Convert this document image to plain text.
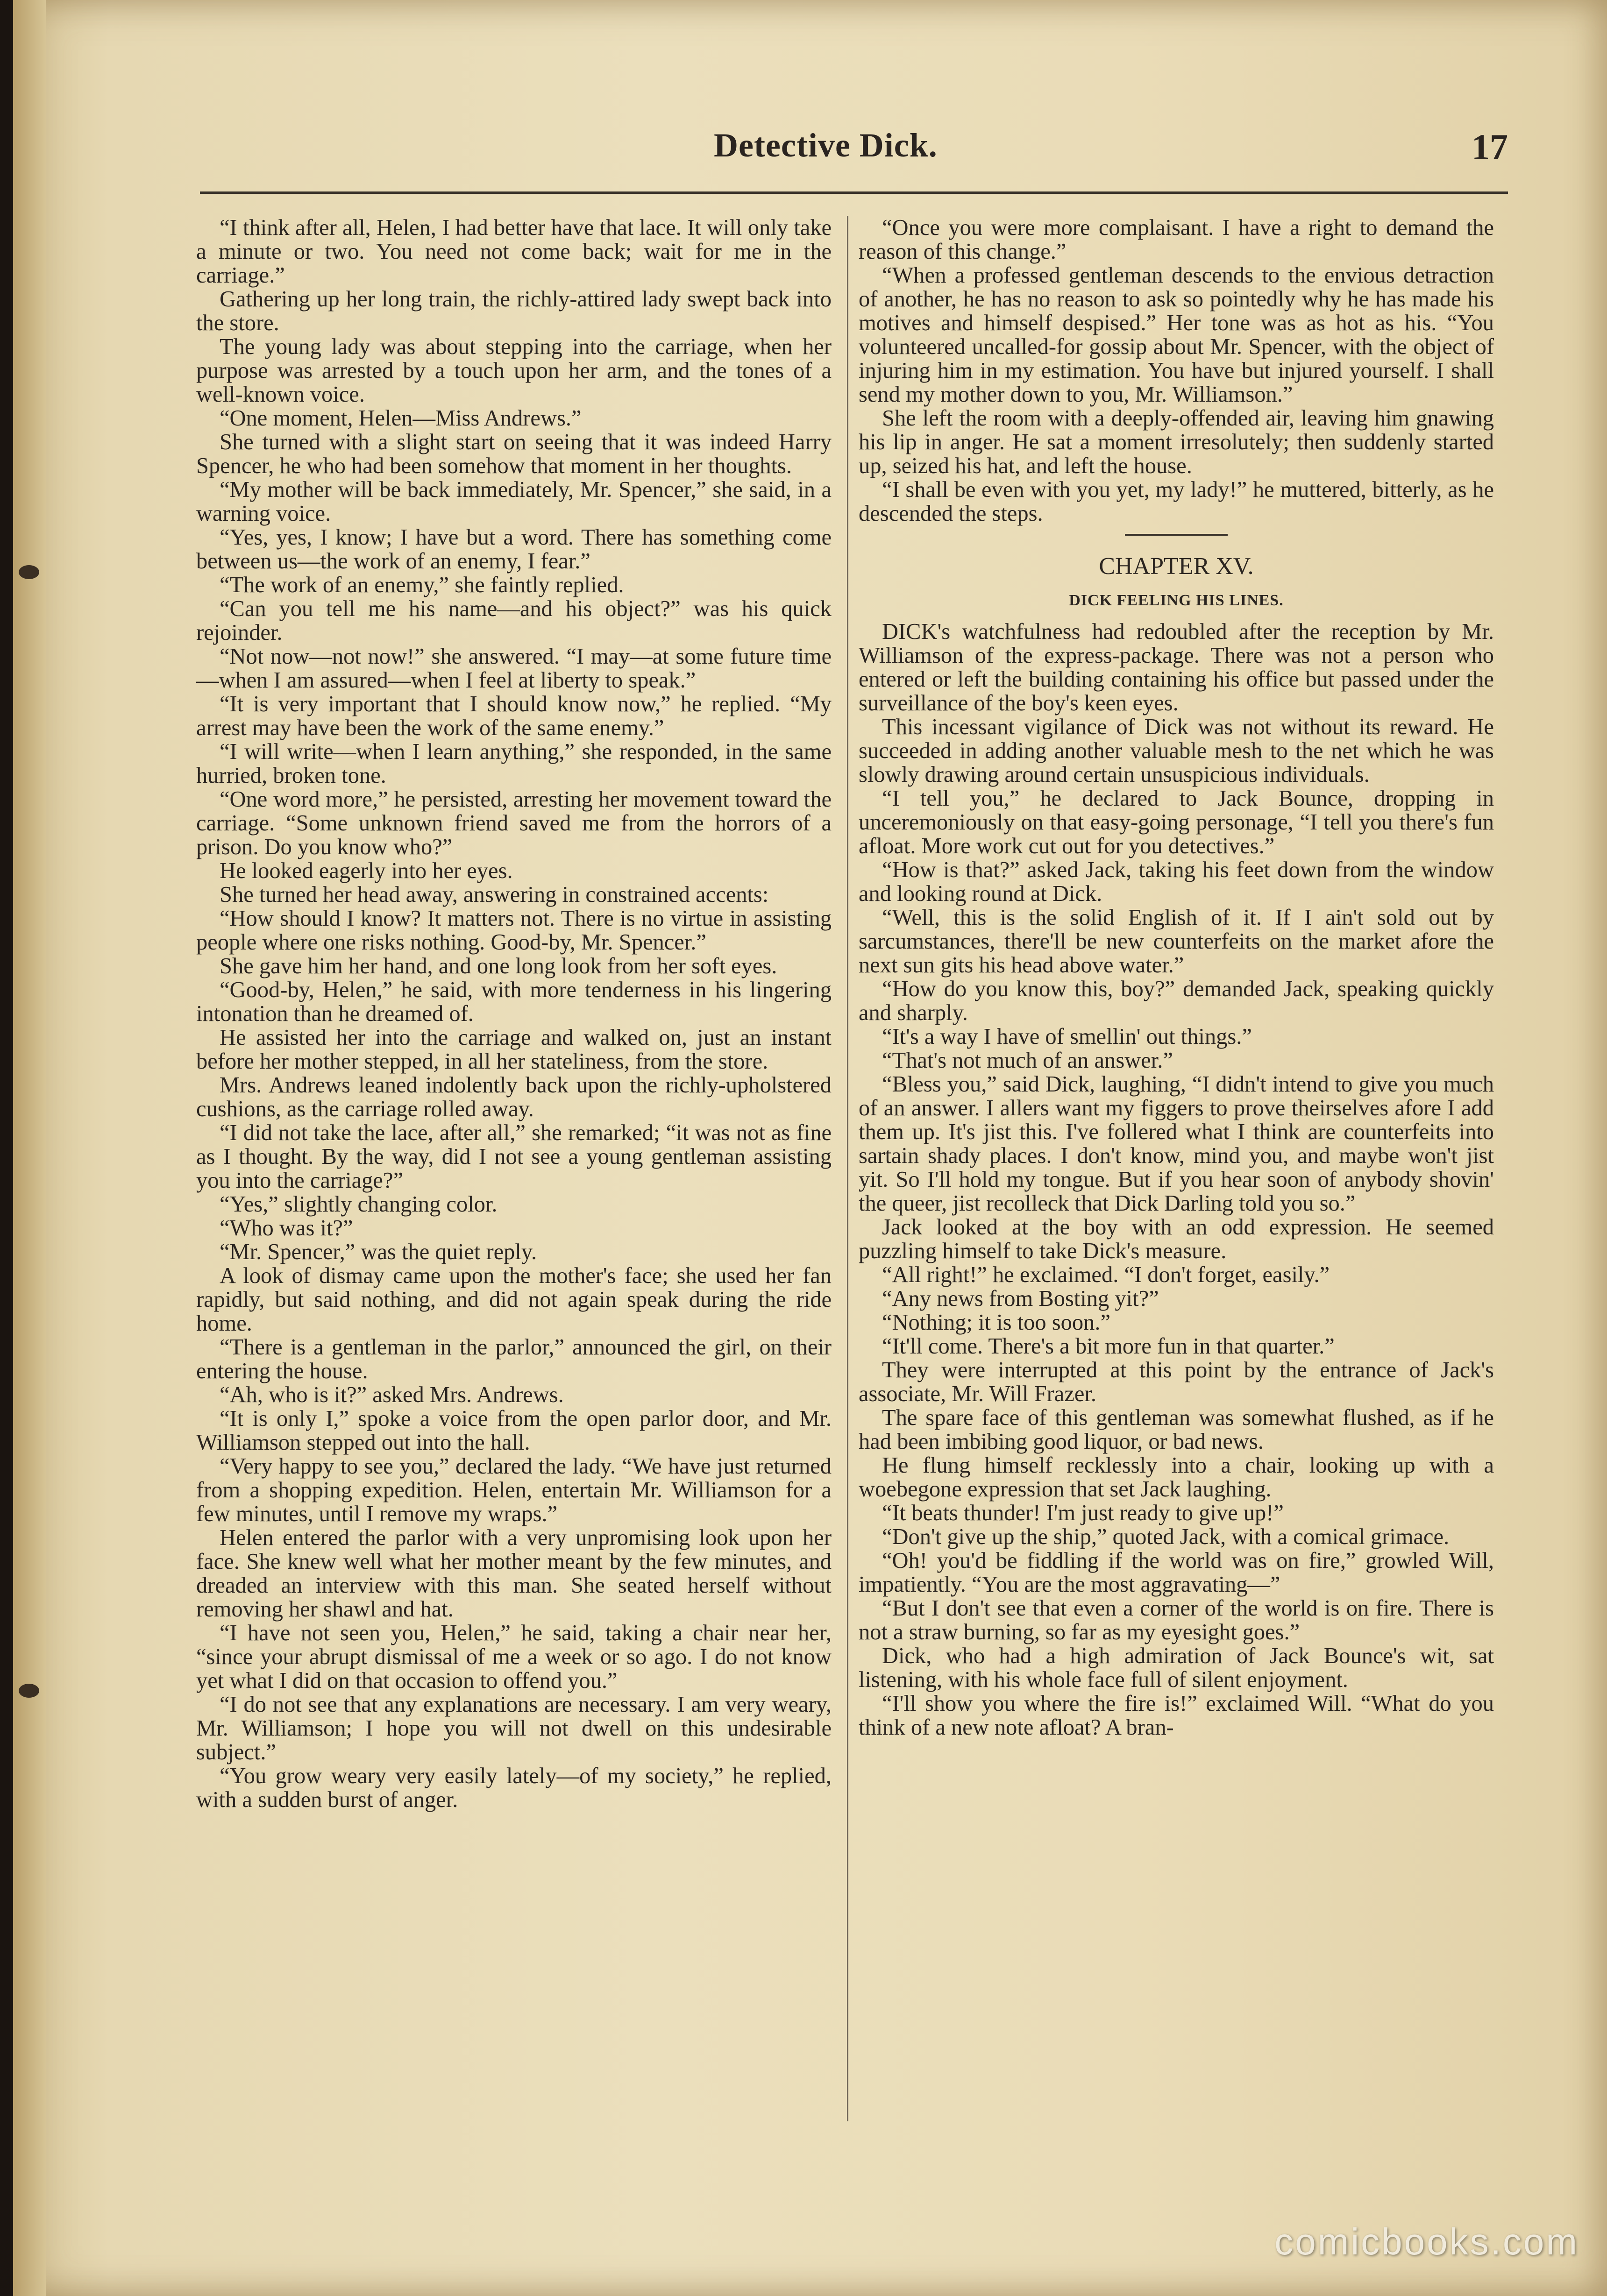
Detective Dick.	17

“I think after all, Helen, I had better have that lace. It will only take a minute or two. You need not come back; wait for me in the carriage.”

Gathering up her long train, the richly-attired lady swept back into the store.

The young lady was about stepping into the carriage, when her purpose was arrested by a touch upon her arm, and the tones of a well-known voice.

“One moment, Helen—Miss Andrews.”

She turned with a slight start on seeing that it was indeed Harry Spencer, he who had been somehow that moment in her thoughts.

“My mother will be back immediately, Mr. Spencer,” she said, in a warning voice.

“Yes, yes, I know; I have but a word. There has something come between us—the work of an enemy, I fear.”

“The work of an enemy,” she faintly replied.

“Can you tell me his name—and his object?” was his quick rejoinder.

“Not now—not now!” she answered. “I may—at some future time—when I am assured—when I feel at liberty to speak.”

“It is very important that I should know now,” he replied. “My arrest may have been the work of the same enemy.”

“I will write—when I learn anything,” she responded, in the same hurried, broken tone.

“One word more,” he persisted, arresting her movement toward the carriage. “Some unknown friend saved me from the horrors of a prison. Do you know who?”

He looked eagerly into her eyes.

She turned her head away, answering in constrained accents:

“How should I know? It matters not. There is no virtue in assisting people where one risks nothing. Good-by, Mr. Spencer.”

She gave him her hand, and one long look from her soft eyes.

“Good-by, Helen,” he said, with more tenderness in his lingering intonation than he dreamed of.

He assisted her into the carriage and walked on, just an instant before her mother stepped, in all her stateliness, from the store.

Mrs. Andrews leaned indolently back upon the richly-upholstered cushions, as the carriage rolled away.

“I did not take the lace, after all,” she remarked; “it was not as fine as I thought. By the way, did I not see a young gentleman assisting you into the carriage?”

“Yes,” slightly changing color.

“Who was it?”

“Mr. Spencer,” was the quiet reply.

A look of dismay came upon the mother's face; she used her fan rapidly, but said nothing, and did not again speak during the ride home.

“There is a gentleman in the parlor,” announced the girl, on their entering the house.

“Ah, who is it?” asked Mrs. Andrews.

“It is only I,” spoke a voice from the open parlor door, and Mr. Williamson stepped out into the hall.

“Very happy to see you,” declared the lady. “We have just returned from a shopping expedition. Helen, entertain Mr. Williamson for a few minutes, until I remove my wraps.”

Helen entered the parlor with a very unpromising look upon her face. She knew well what her mother meant by the few minutes, and dreaded an interview with this man. She seated herself without removing her shawl and hat.

“I have not seen you, Helen,” he said, taking a chair near her, “since your abrupt dismissal of me a week or so ago. I do not know yet what I did on that occasion to offend you.”

“I do not see that any explanations are necessary. I am very weary, Mr. Williamson; I hope you will not dwell on this undesirable subject.”

“You grow weary very easily lately—of my society,” he replied, with a sudden burst of anger.

“Once you were more complaisant. I have a right to demand the reason of this change.”

“When a professed gentleman descends to the envious detraction of another, he has no reason to ask so pointedly why he has made his motives and himself despised.” Her tone was as hot as his. “You volunteered uncalled-for gossip about Mr. Spencer, with the object of injuring him in my estimation. You have but injured yourself. I shall send my mother down to you, Mr. Williamson.”

She left the room with a deeply-offended air, leaving him gnawing his lip in anger. He sat a moment irresolutely; then suddenly started up, seized his hat, and left the house.

“I shall be even with you yet, my lady!” he muttered, bitterly, as he descended the steps.

CHAPTER XV.

DICK FEELING HIS LINES.

DICK's watchfulness had redoubled after the reception by Mr. Williamson of the express-package. There was not a person who entered or left the building containing his office but passed under the surveillance of the boy's keen eyes.

This incessant vigilance of Dick was not without its reward. He succeeded in adding another valuable mesh to the net which he was slowly drawing around certain unsuspicious individuals.

“I tell you,” he declared to Jack Bounce, dropping in unceremoniously on that easy-going personage, “I tell you there's fun afloat. More work cut out for you detectives.”

“How is that?” asked Jack, taking his feet down from the window and looking round at Dick.

“Well, this is the solid English of it. If I ain't sold out by sarcumstances, there'll be new counterfeits on the market afore the next sun gits his head above water.”

“How do you know this, boy?” demanded Jack, speaking quickly and sharply.

“It's a way I have of smellin' out things.”

“That's not much of an answer.”

“Bless you,” said Dick, laughing, “I didn't intend to give you much of an answer. I allers want my figgers to prove theirselves afore I add them up. It's jist this. I've follered what I think are counterfeits into sartain shady places. I don't know, mind you, and maybe won't jist yit. So I'll hold my tongue. But if you hear soon of anybody shovin' the queer, jist recolleck that Dick Darling told you so.”

Jack looked at the boy with an odd expression. He seemed puzzling himself to take Dick's measure.

“All right!” he exclaimed. “I don't forget, easily.”

“Any news from Bosting yit?”

“Nothing; it is too soon.”

“It'll come. There's a bit more fun in that quarter.”

They were interrupted at this point by the entrance of Jack's associate, Mr. Will Frazer.

The spare face of this gentleman was somewhat flushed, as if he had been imbibing good liquor, or bad news.

He flung himself recklessly into a chair, looking up with a woebegone expression that set Jack laughing.

“It beats thunder! I'm just ready to give up!”

“Don't give up the ship,” quoted Jack, with a comical grimace.

“Oh! you'd be fiddling if the world was on fire,” growled Will, impatiently. “You are the most aggravating—”

“But I don't see that even a corner of the world is on fire. There is not a straw burning, so far as my eyesight goes.”

Dick, who had a high admiration of Jack Bounce's wit, sat listening, with his whole face full of silent enjoyment.

“I'll show you where the fire is!” exclaimed Will. “What do you think of a new note afloat? A bran-

comicbooks.com
